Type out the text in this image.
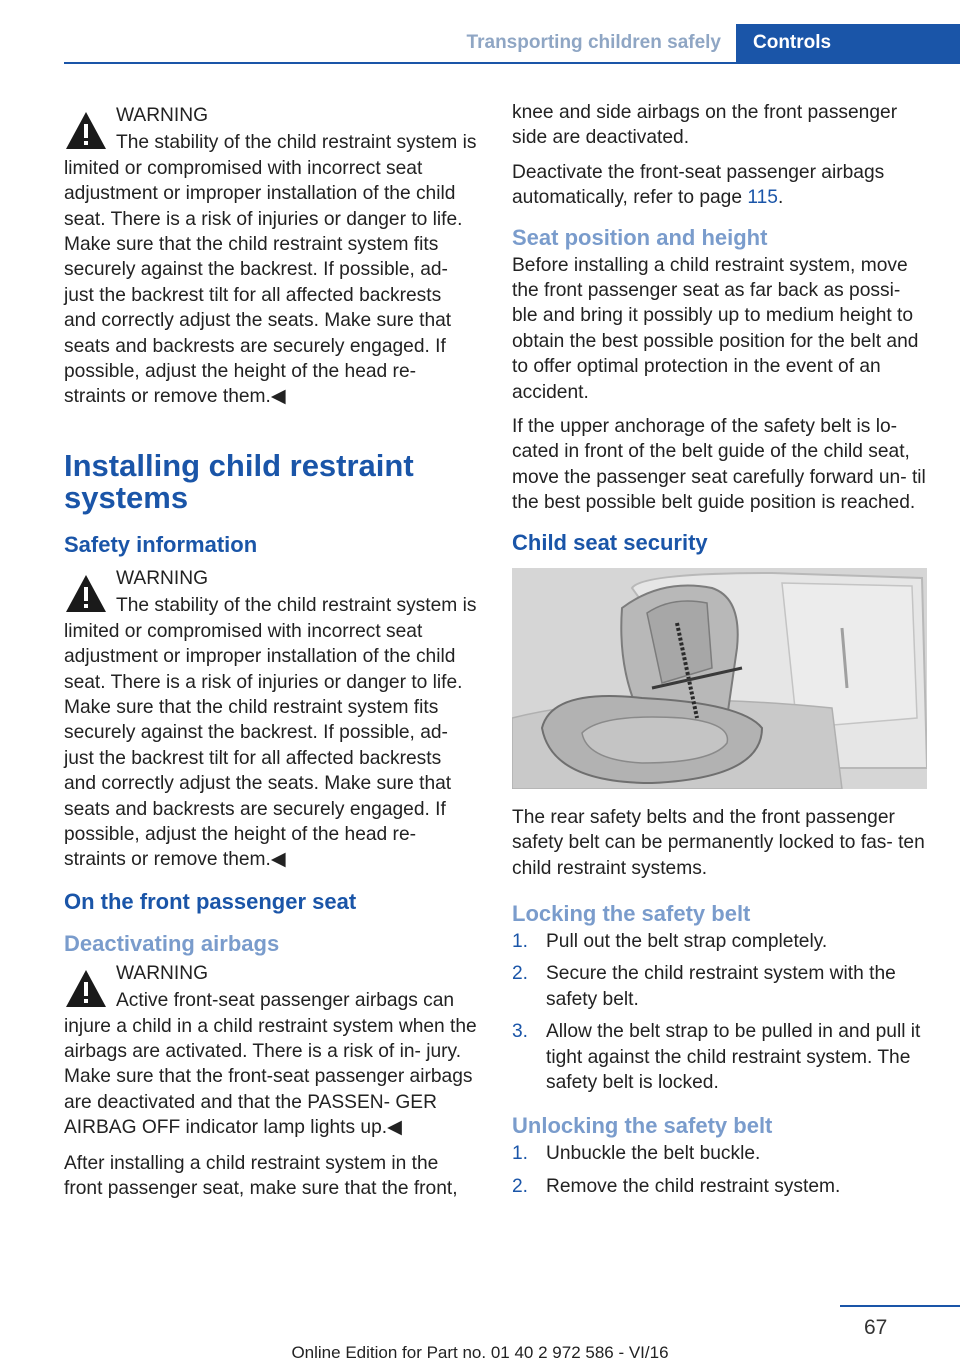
Transporting children safely Controls
WARNING
The stability of the child restraint system is limited or compromised with incorrect seat adjustment or improper installation of the child seat. There is a risk of injuries or danger to life. Make sure that the child restraint system fits securely against the backrest. If possible, ad‐ just the backrest tilt for all affected backrests and correctly adjust the seats. Make sure that seats and backrests are securely engaged. If possible, adjust the height of the head re‐ straints or remove them.◀
Installing child restraint systems
Safety information
WARNING
The stability of the child restraint system is limited or compromised with incorrect seat adjustment or improper installation of the child seat. There is a risk of injuries or danger to life. Make sure that the child restraint system fits securely against the backrest. If possible, ad‐ just the backrest tilt for all affected backrests and correctly adjust the seats. Make sure that seats and backrests are securely engaged. If possible, adjust the height of the head re‐ straints or remove them.◀
On the front passenger seat
Deactivating airbags
WARNING
Active front-seat passenger airbags can injure a child in a child restraint system when the airbags are activated. There is a risk of in‐ jury. Make sure that the front-seat passenger airbags are deactivated and that the PASSEN‐ GER AIRBAG OFF indicator lamp lights up.◀

After installing a child restraint system in the front passenger seat, make sure that the front,

knee and side airbags on the front passenger side are deactivated.

Deactivate the front-seat passenger airbags automatically, refer to page 115.

Seat position and height

Before installing a child restraint system, move the front passenger seat as far back as possi‐ ble and bring it possibly up to medium height to obtain the best possible position for the belt and to offer optimal protection in the event of an accident.

If the upper anchorage of the safety belt is lo‐ cated in front of the belt guide of the child seat, move the passenger seat carefully forward un‐ til the best possible belt guide position is reached.

Child seat security

The rear safety belts and the front passenger safety belt can be permanently locked to fas‐ ten child restraint systems.

Locking the safety belt
1. Pull out the belt strap completely.
2. Secure the child restraint system with the safety belt.
3. Allow the belt strap to be pulled in and pull it tight against the child restraint system. The safety belt is locked.
Unlocking the safety belt
1. Unbuckle the belt buckle.
2. Remove the child restraint system.
67
Online Edition for Part no. 01 40 2 972 586 - VI/16
